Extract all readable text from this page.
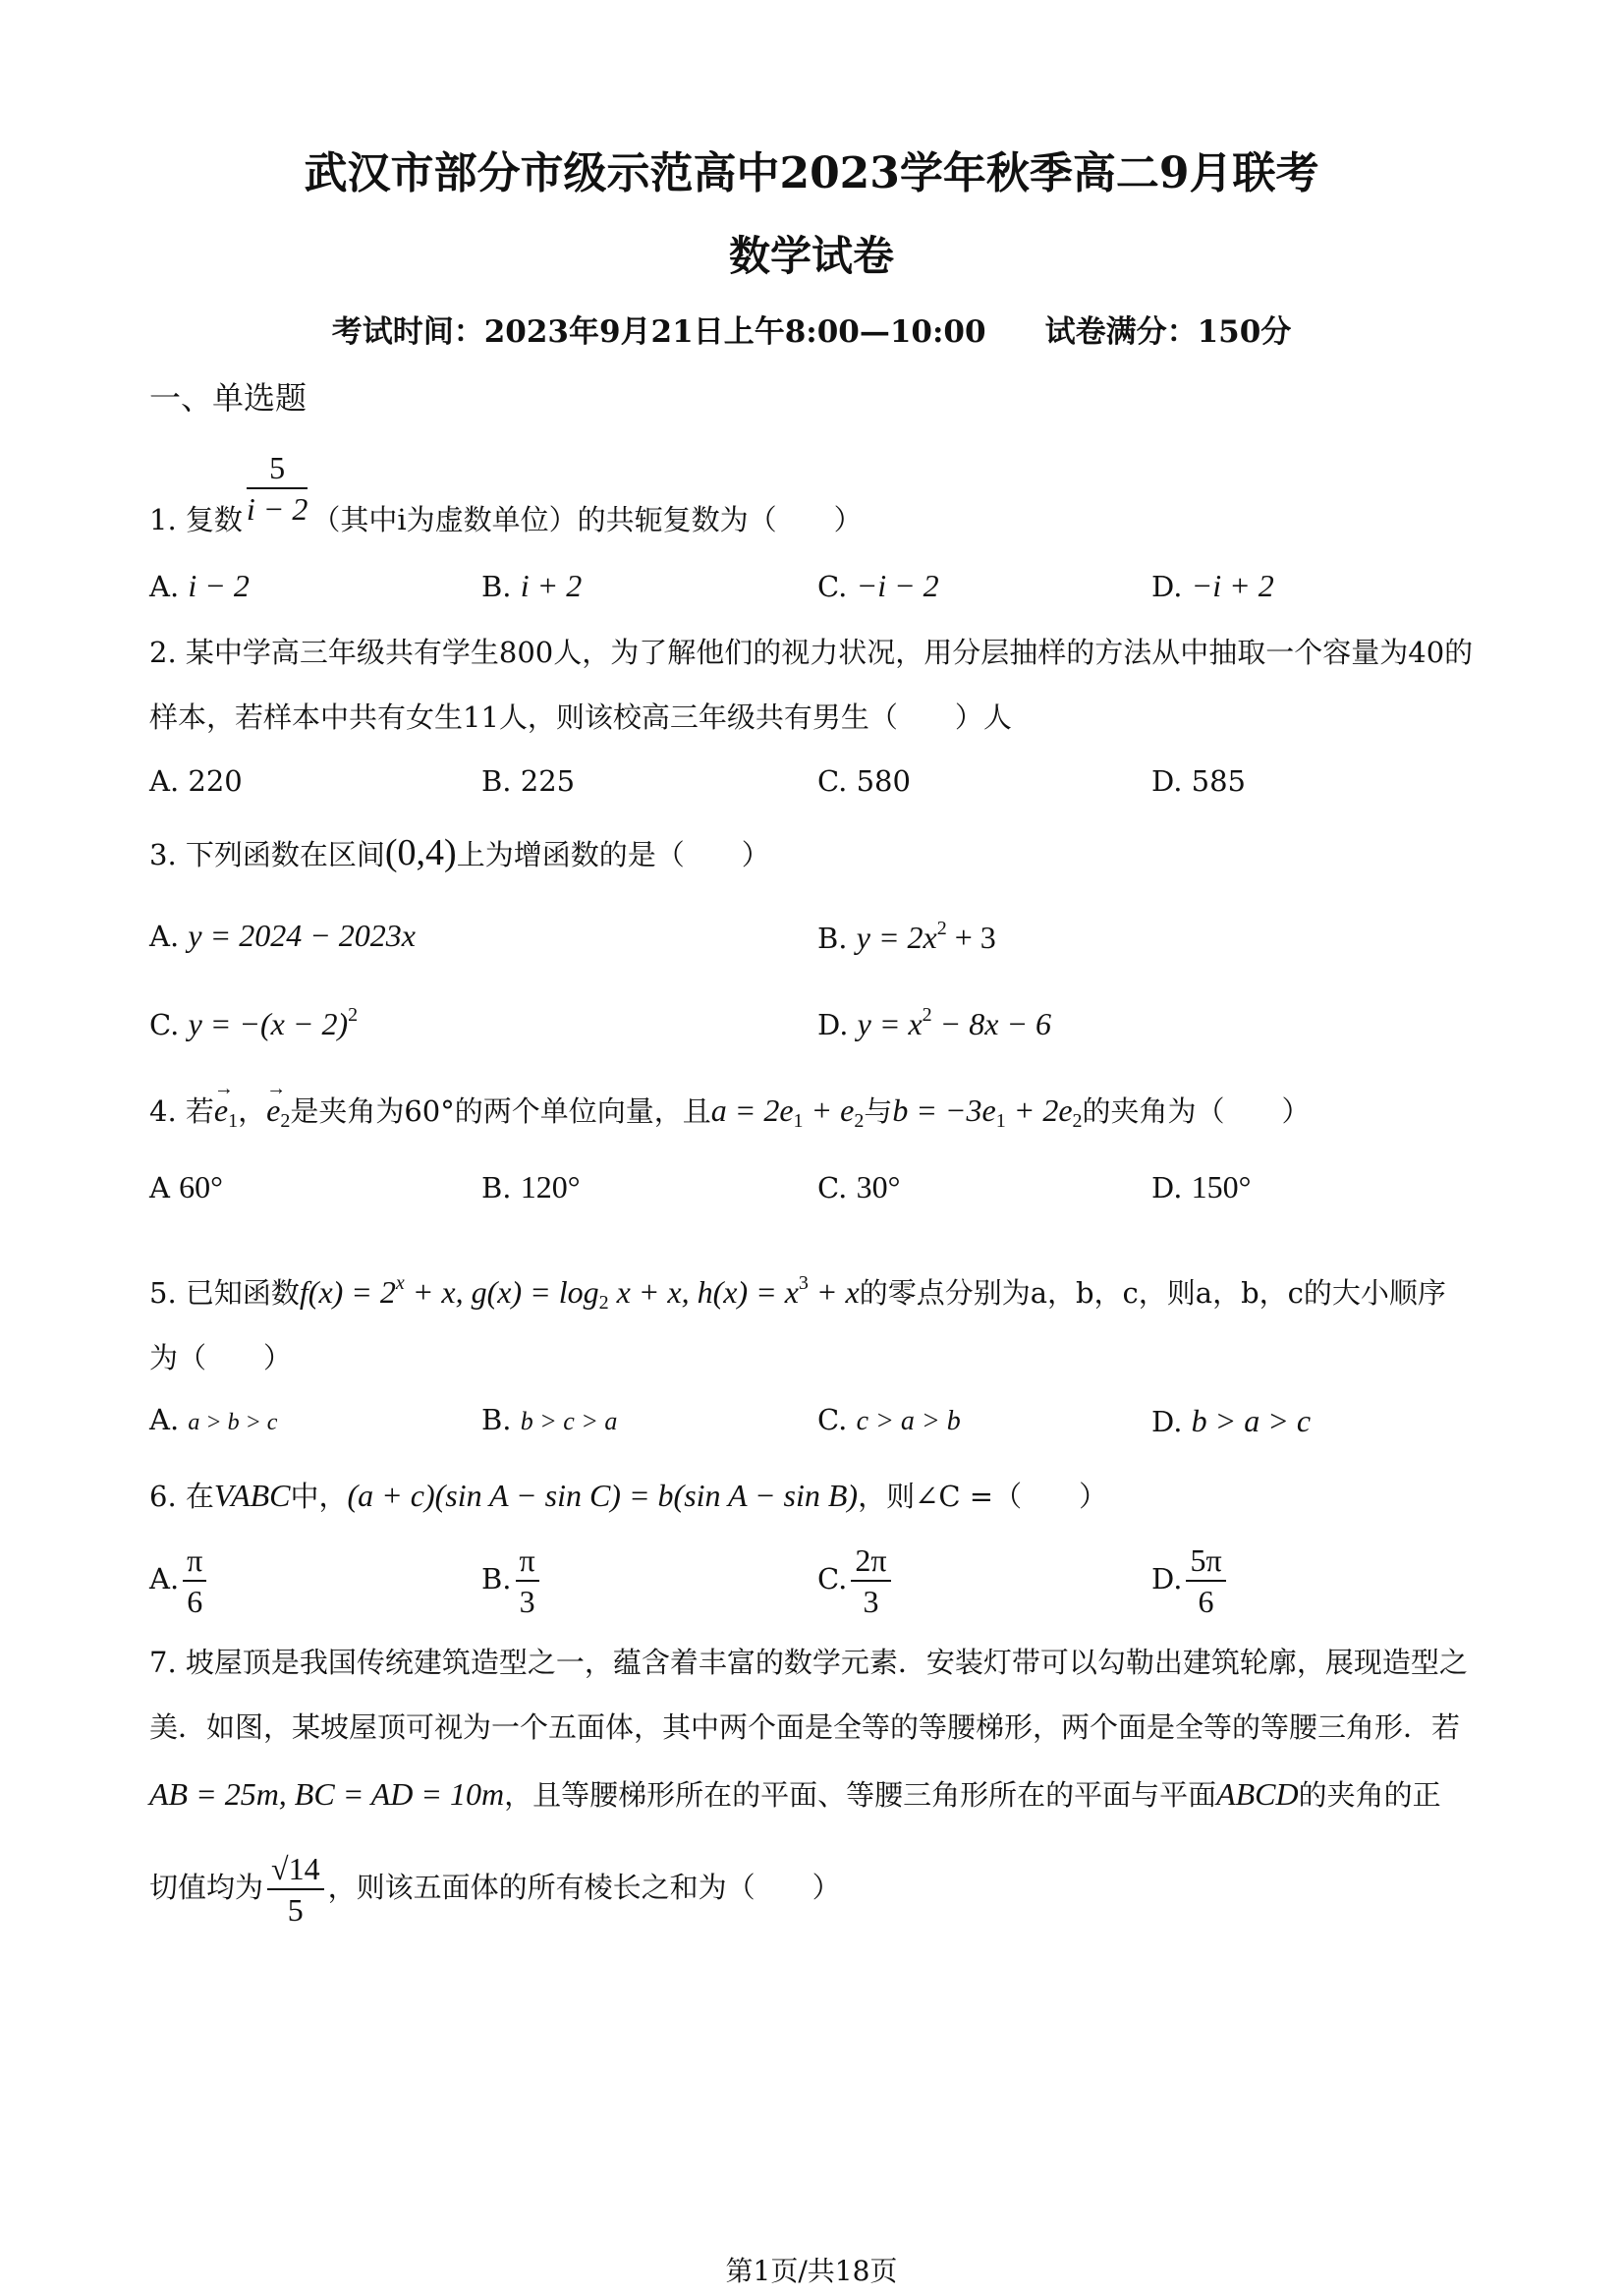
武汉市部分市级示范高中2023学年秋季高二9月联考
数学试卷
考试时间：2023年9月21日上午8:00—10:00 试卷满分：150分
一、单选题
1. 复数 $\frac{5}{i - 2}$ （其中i为虚数单位）的共轭复数为（　　）
A. i − 2	B. i + 2	C. −i − 2	D. −i + 2
2. 某中学高三年级共有学生800人，为了解他们的视力状况，用分层抽样的方法从中抽取一个容量为40的
样本，若样本中共有女生11人，则该校高三年级共有男生（　　）人
A. 220	B. 225	C. 580	D. 585
3. 下列函数在区间(0,4)上为增函数的是（　　）
A. y = 2024 − 2023x	B. $y = 2x^2 + 3$
C. $y = -(x - 2)^2$	D. $y = x^2 - 8x - 6$
4. 若→ $e_1$，→ $e_2$是夹角为60°的两个单位向量，且$a = 2e_1 + e_2$与$b = -3e_1 + 2e_2$的夹角为（　　）
A 60°	B. 120°	C. 30°	D. 150°
5. 已知函数$f(x) = 2^x + x$, $g(x) = \log_2 x + x$, $h(x) = x^3 + x$的零点分别为a，b，c，则a，b，c的大小顺序
为（　　）
A. a > b > c	B. b > c > a	C. c > a > b	D. b > a > c
6. 在VABC中，(a + c)(sin A − sin C) = b(sin A − sin B)，则∠C =（　　）
A. $\frac{\pi}{6}$	B. $\frac{\pi}{3}$	C. $\frac{2\pi}{3}$	D. $\frac{5\pi}{6}$
7. 坡屋顶是我国传统建筑造型之一，蕴含着丰富的数学元素．安装灯带可以勾勒出建筑轮廓，展现造型之
美．如图，某坡屋顶可视为一个五面体，其中两个面是全等的等腰梯形，两个面是全等的等腰三角形．若
AB = 25m, BC = AD = 10m，且等腰梯形所在的平面、等腰三角形所在的平面与平面ABCD的夹角的正
切值均为 $\frac{√14}{5}$ ，则该五面体的所有棱长之和为（　　）
第1页/共18页
